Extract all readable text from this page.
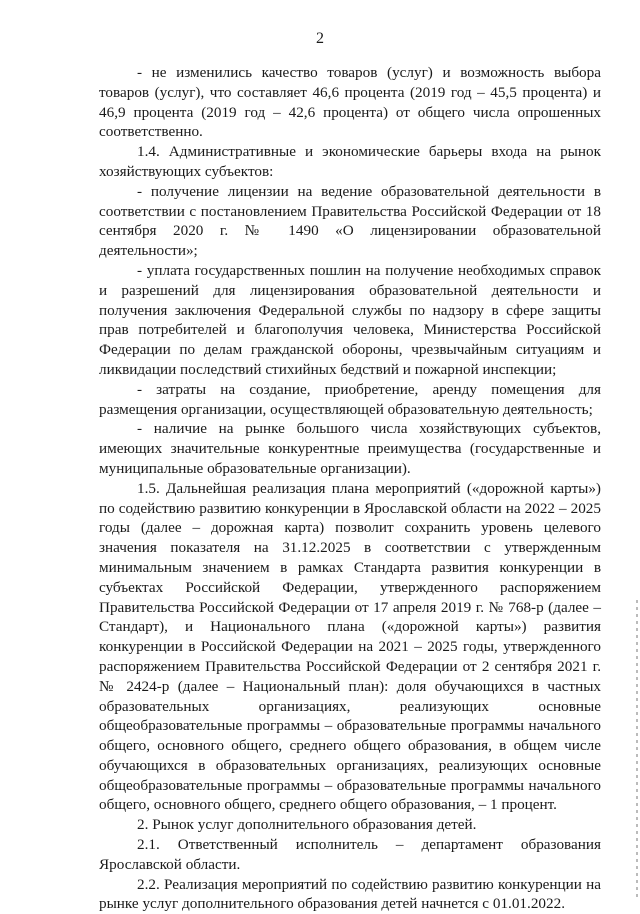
2

- не изменились качество товаров (услуг) и возможность выбора товаров (услуг), что составляет 46,6 процента (2019 год – 45,5 процента) и 46,9 процента (2019 год – 42,6 процента) от общего числа опрошенных соответственно.

1.4. Административные и экономические барьеры входа на рынок хозяйствующих субъектов:

- получение лицензии на ведение образовательной деятельности в соответствии с постановлением Правительства Российской Федерации от 18 сентября 2020 г. № 1490 «О лицензировании образовательной деятельности»;

- уплата государственных пошлин на получение необходимых справок и разрешений для лицензирования образовательной деятельности и получения заключения Федеральной службы по надзору в сфере защиты прав потребителей и благополучия человека, Министерства Российской Федерации по делам гражданской обороны, чрезвычайным ситуациям и ликвидации последствий стихийных бедствий и пожарной инспекции;

- затраты на создание, приобретение, аренду помещения для размещения организации, осуществляющей образовательную деятельность;

- наличие на рынке большого числа хозяйствующих субъектов, имеющих значительные конкурентные преимущества (государственные и муниципальные образовательные организации).

1.5. Дальнейшая реализация плана мероприятий («дорожной карты») по содействию развитию конкуренции в Ярославской области на 2022 – 2025 годы (далее – дорожная карта) позволит сохранить уровень целевого значения показателя на 31.12.2025 в соответствии с утвержденным минимальным значением в рамках Стандарта развития конкуренции в субъектах Российской Федерации, утвержденного распоряжением Правительства Российской Федерации от 17 апреля 2019 г. № 768-р (далее – Стандарт), и Национального плана («дорожной карты») развития конкуренции в Российской Федерации на 2021 – 2025 годы, утвержденного распоряжением Правительства Российской Федерации от 2 сентября 2021 г. № 2424-р (далее – Национальный план): доля обучающихся в частных образовательных организациях, реализующих основные общеобразовательные программы – образовательные программы начального общего, основного общего, среднего общего образования, в общем числе обучающихся в образовательных организациях, реализующих основные общеобразовательные программы – образовательные программы начального общего, основного общего, среднего общего образования, – 1 процент.

2. Рынок услуг дополнительного образования детей.

2.1. Ответственный исполнитель – департамент образования Ярославской области.

2.2. Реализация мероприятий по содействию развитию конкуренции на рынке услуг дополнительного образования детей начнется с 01.01.2022.
